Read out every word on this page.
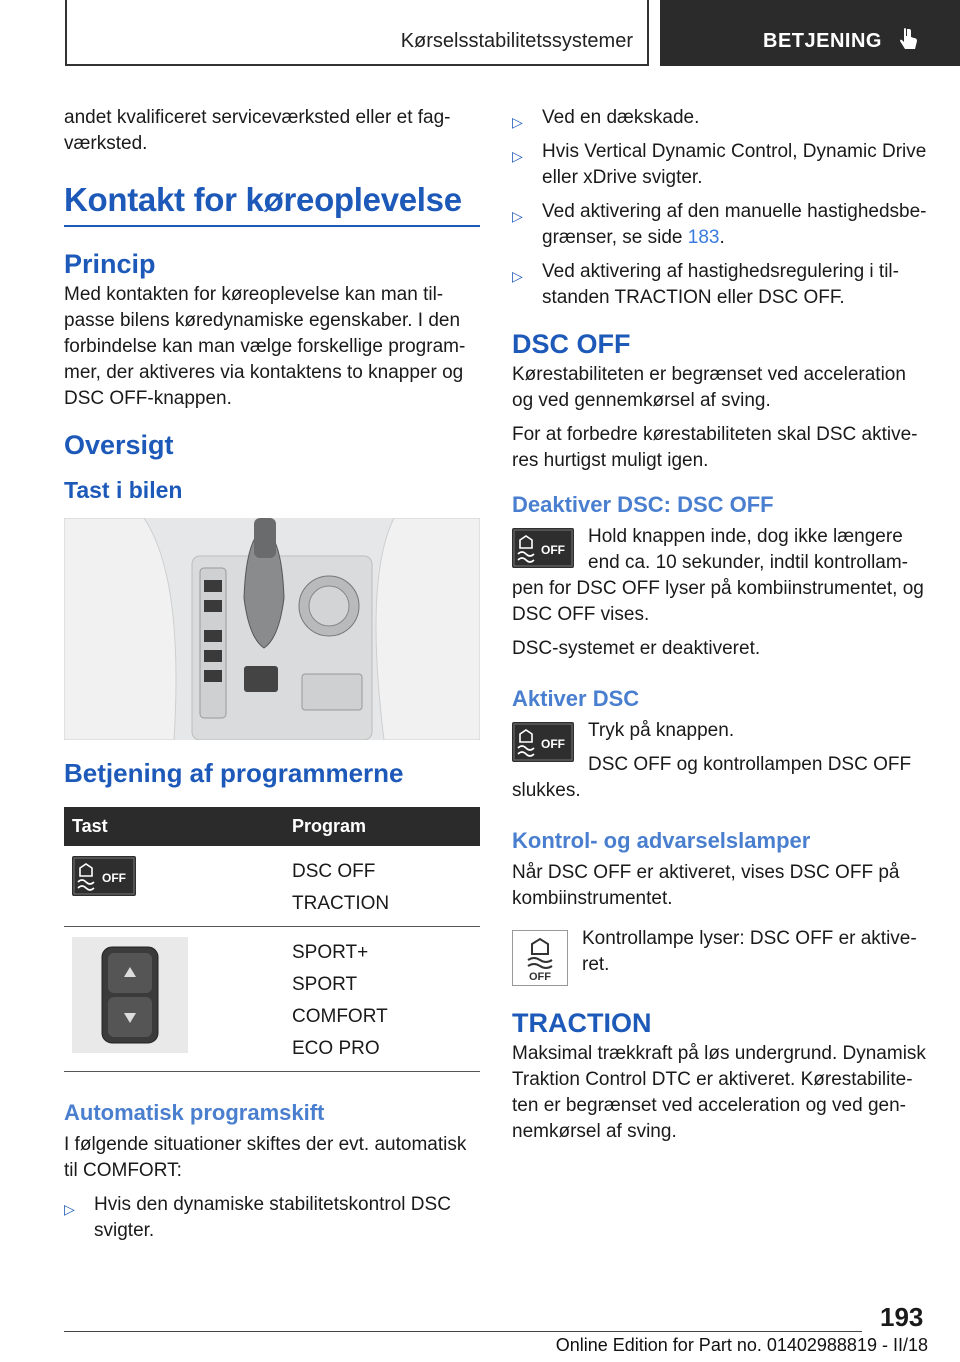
Kørselsstabilitetssystemer	BETJENING

andet kvalificeret serviceværksted eller et fag-værksted.

Kontakt for køreoplevelse
Princip

Med kontakten for køreoplevelse kan man til-passe bilens køredynamiske egenskaber. I den forbindelse kan man vælge forskellige program-mer, der aktiveres via kontaktens to knapper og DSC OFF-knappen.

Oversigt
Tast i bilen
Betjening af programmerne
Tast	Program

OFF	DSC OFF
TRACTION

SPORT+
SPORT
COMFORT
ECO PRO
Automatisk programskift

I følgende situationer skiftes der evt. automatisk til COMFORT:

▷ Hvis den dynamiske stabilitetskontrol DSC svigter.
▷ Ved en dækskade.
▷ Hvis Vertical Dynamic Control, Dynamic Drive eller xDrive svigter.
▷ Ved aktivering af den manuelle hastighedsbe-grænser, se side 183.
▷ Ved aktivering af hastighedsregulering i til-standen TRACTION eller DSC OFF.
DSC OFF

Kørestabiliteten er begrænset ved acceleration og ved gennemkørsel af sving.

For at forbedre kørestabiliteten skal DSC aktive-res hurtigst muligt igen.

Deaktiver DSC: DSC OFF
OFF

Hold knappen inde, dog ikke længere end ca. 10 sekunder, indtil kontrollam-pen for DSC OFF lyser på kombiinstrumentet, og DSC OFF vises.

DSC-systemet er deaktiveret.

Aktiver DSC
OFF

Tryk på knappen.

DSC OFF og kontrollampen DSC OFF slukkes.

Kontrol- og advarselslamper

Når DSC OFF er aktiveret, vises DSC OFF på kombiinstrumentet.

OFF

Kontrollampe lyser: DSC OFF er aktive-ret.

TRACTION

Maksimal trækkraft på løs undergrund. Dynamisk Traktion Control DTC er aktiveret. Kørestabilite-ten er begrænset ved acceleration og ved gen-nemkørsel af sving.

193
Online Edition for Part no. 01402988819 - II/18
